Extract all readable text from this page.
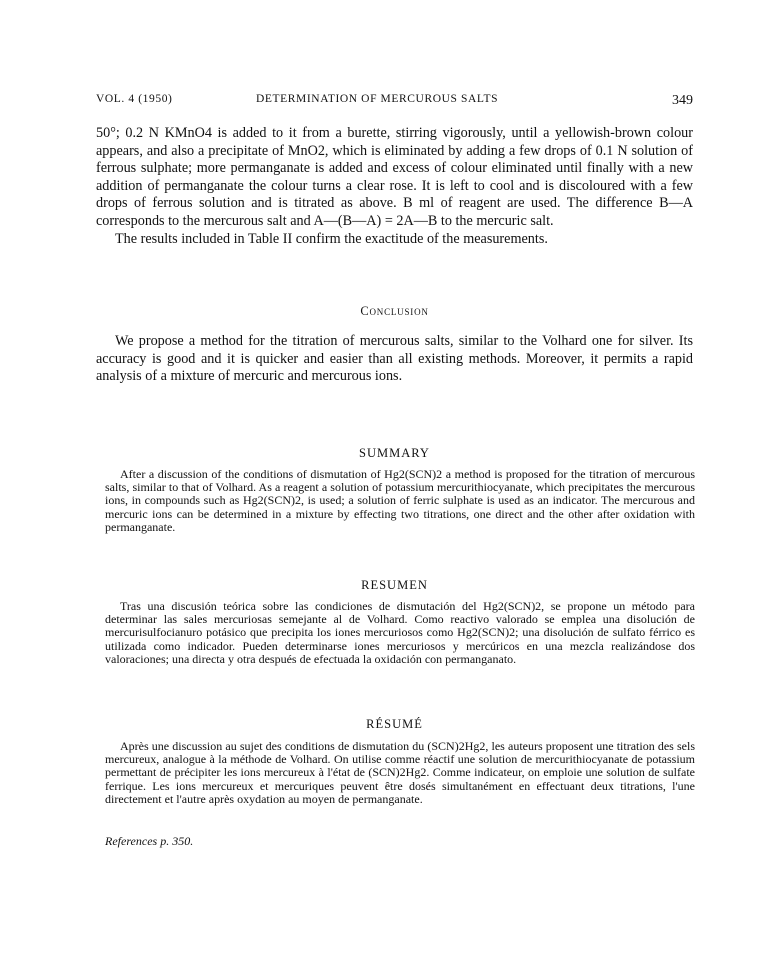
VOL. 4 (1950)	DETERMINATION OF MERCUROUS SALTS	349

50°; 0.2 N KMnO4 is added to it from a burette, stirring vigorously, until a yellowish-brown colour appears, and also a precipitate of MnO2, which is eliminated by adding a few drops of 0.1 N solution of ferrous sulphate; more permanganate is added and excess of colour eliminated until finally with a new addition of permanganate the colour turns a clear rose. It is left to cool and is discoloured with a few drops of ferrous solution and is titrated as above. B ml of reagent are used. The difference B—A corresponds to the mercurous salt and A—(B—A) = 2A—B to the mercuric salt.

The results included in Table II confirm the exactitude of the measurements.

Conclusion

We propose a method for the titration of mercurous salts, similar to the Volhard one for silver. Its accuracy is good and it is quicker and easier than all existing methods. Moreover, it permits a rapid analysis of a mixture of mercuric and mercurous ions.

SUMMARY

After a discussion of the conditions of dismutation of Hg2(SCN)2 a method is proposed for the titration of mercurous salts, similar to that of Volhard. As a reagent a solution of potassium mercurithiocyanate, which precipitates the mercurous ions, in compounds such as Hg2(SCN)2, is used; a solution of ferric sulphate is used as an indicator. The mercurous and mercuric ions can be determined in a mixture by effecting two titrations, one direct and the other after oxidation with permanganate.

RESUMEN

Tras una discusión teórica sobre las condiciones de dismutación del Hg2(SCN)2, se propone un método para determinar las sales mercuriosas semejante al de Volhard. Como reactivo valorado se emplea una disolución de mercurisulfocianuro potásico que precipita los iones mercuriosos como Hg2(SCN)2; una disolución de sulfato férrico es utilizada como indicador. Pueden determinarse iones mercuriosos y mercúricos en una mezcla realizándose dos valoraciones; una directa y otra después de efectuada la oxidación con permanganato.

RÉSUMÉ

Après une discussion au sujet des conditions de dismutation du (SCN)2Hg2, les auteurs proposent une titration des sels mercureux, analogue à la méthode de Volhard. On utilise comme réactif une solution de mercurithiocyanate de potassium permettant de précipiter les ions mercureux à l'état de (SCN)2Hg2. Comme indicateur, on emploie une solution de sulfate ferrique. Les ions mercureux et mercuriques peuvent être dosés simultanément en effectuant deux titrations, l'une directement et l'autre après oxydation au moyen de permanganate.

References p. 350.
